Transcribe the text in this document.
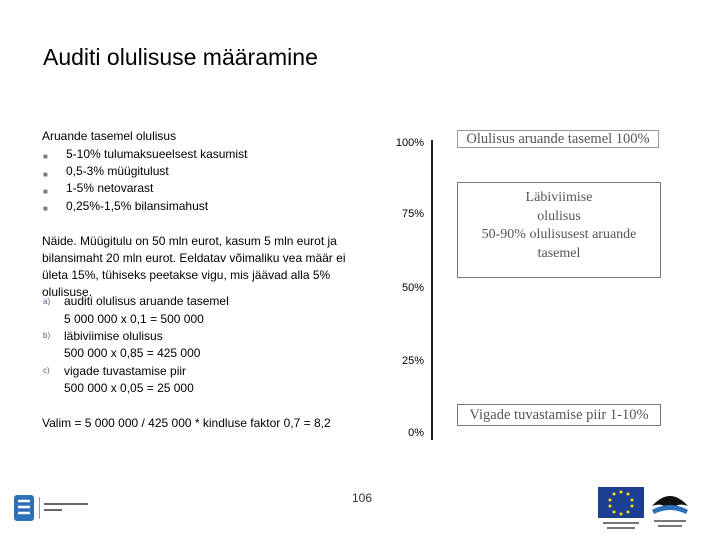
Auditi olulisuse määramine
Aruande tasemel olulisus
■ 5-10% tulumaksueelsest kasumist
■ 0,5-3% müügitulust
■ 1-5% netovarast
■ 0,25%-1,5% bilansimahust
Näide. Müügitulu on 50 mln eurot, kasum 5 mln eurot ja
bilansimaht 20 mln eurot. Eeldatav võimaliku vea määr ei
ületa 15%, tühiseks peetakse vigu, mis jäävad alla 5%
olulisuse.
a) auditi olulisus aruande tasemel
5 000 000 x 0,1 = 500 000
b) läbiviimise olulisus
500 000 x 0,85 = 425 000
c) vigade tuvastamise piir
500 000 x 0,05 = 25 000
Valim = 5 000 000 / 425 000 * kindluse faktor 0,7 = 8,2
100%
75%
50%
25%
0%
Olulisus aruande tasemel 100%
Läbiviimise
olulisus
50-90% olulisusest aruande
tasemel
Vigade tuvastamise piir 1-10%
106
